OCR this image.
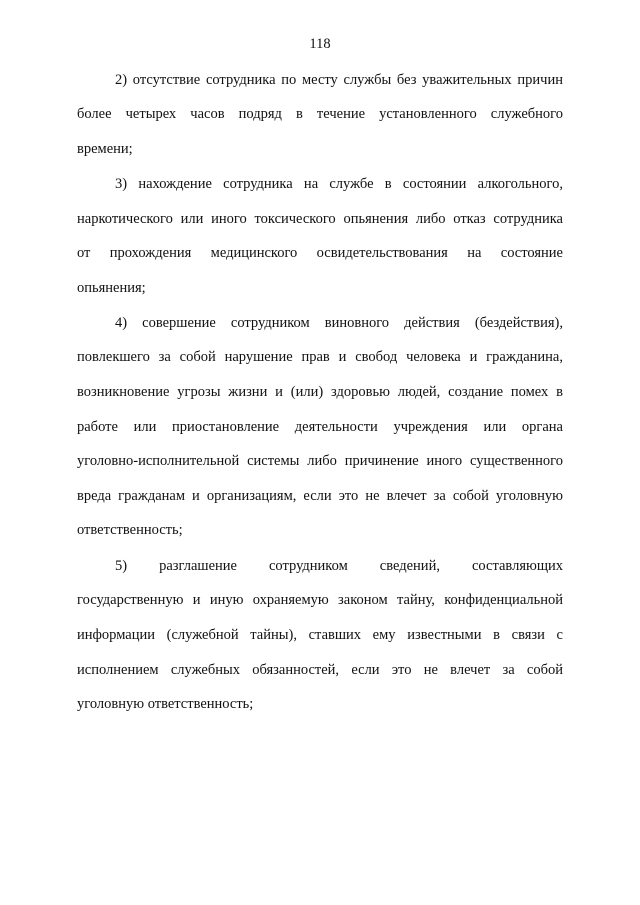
118
2) отсутствие сотрудника по месту службы без уважительных причин
более четырех часов подряд в течение установленного служебного
времени;
3) нахождение сотрудника на службе в состоянии алкогольного,
наркотического или иного токсического опьянения либо отказ сотрудника
от прохождения медицинского освидетельствования на состояние
опьянения;
4) совершение сотрудником виновного действия (бездействия),
повлекшего за собой нарушение прав и свобод человека и гражданина,
возникновение угрозы жизни и (или) здоровью людей, создание помех в
работе или приостановление деятельности учреждения или органа
уголовно-исполнительной системы либо причинение иного существенного
вреда гражданам и организациям, если это не влечет за собой уголовную
ответственность;
5) разглашение сотрудником сведений, составляющих
государственную и иную охраняемую законом тайну, конфиденциальной
информации (служебной тайны), ставших ему известными в связи с
исполнением служебных обязанностей, если это не влечет за собой
уголовную ответственность;
